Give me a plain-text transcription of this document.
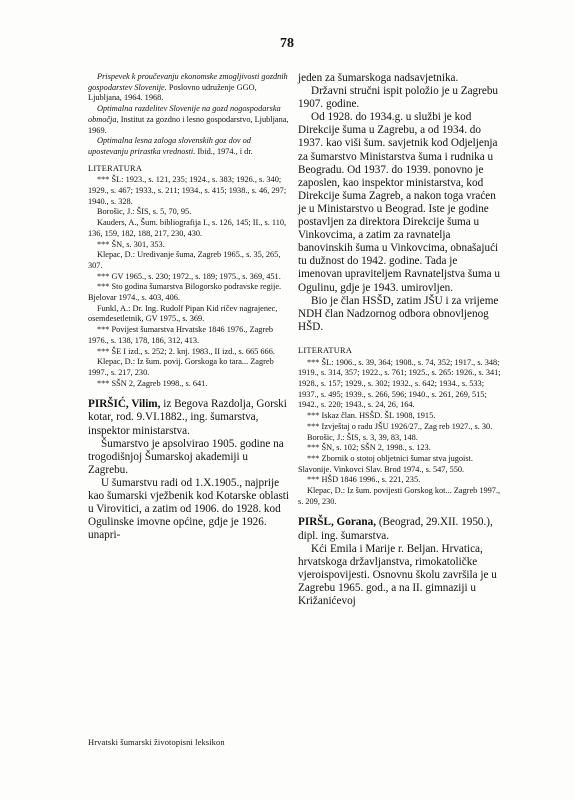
78

Prispevek k proučevanju ekonomske zmogljivosti gozdnih gospodarstev Slovenije. Poslovno udruženje GGO, Ljubljana, 1964. 1968.

Optimalna razdelitev Slovenije na gozd nogospodarska območja, Institut za gozdno i lesno gospodarstvo, Ljubljana, 1969.

Optimalna lesna zaloga slovenskih goz dov od upostevanju prirastka vrednosti. Ibid., 1974., i dr.

LITERATURA

*** ŠL: 1923., s. 121, 235; 1924., s. 383; 1926., s. 340; 1929., s. 467; 1933., s. 211; 1934., s. 415; 1938., s. 46, 297; 1940., s. 328.

Borošic, J.: ŠIS, s. 5, 70, 95.

Kauders, A., Šum. bibliografija I., s. 126, 145; II., s. 110, 136, 159, 182, 188, 217, 230, 430.

*** ŠN, s. 301, 353.

Klepac, D.: Uredivanje šuma, Zagreb 1965., s. 35, 265, 307.

*** GV 1965., s. 230; 1972., s. 189; 1975., s. 369, 451.

*** Sto godina šumarstva Bilogorsko podravske regije. Bjelovar 1974., s. 403, 406.

Funkl, A.: Dr. Ing. Rudolf Pipan Kid ričev nagrajenec, osemdesetletnik, GV 1975., s. 369.

*** Povijest šumarstva Hrvatske 1846 1976., Zagreb 1976., s. 138, 178, 186, 312, 413.

*** ŠE I izd., s. 252; 2. knj. 1983., II izd., s. 665 666.

Klepac, D.: Iz šum. povij. Gorskoga ko tara... Zagreb 1997., s. 217, 230.

*** SŠN 2, Zagreb 1998., s. 641.

PIRŠIĆ, Vilim, iz Begova Razdolja, Gorski kotar, rod. 9.VI.1882., ing. šumarstva, inspektor ministarstva.

Šumarstvo je apsolvirao 1905. godine na trogodišnjoj Šumarskoj akademiji u Zagrebu.

U šumarstvu radi od 1.X.1905., najprije kao šumarski vježbenik kod Kotarske oblasti u Virovitici, a zatim od 1906. do 1928. kod Ogulinske imovne općine, gdje je 1926. unapri-

jeden za šumarskoga nadsavjetnika.

Državni stručni ispit položio je u Zagrebu 1907. godine.

Od 1928. do 1934.g. u službi je kod Direkcije šuma u Zagrebu, a od 1934. do 1937. kao viši šum. savjetnik kod Odjeljenja za šumarstvo Ministarstva šuma i rudnika u Beogradu. Od 1937. do 1939. ponovno je zaposlen, kao inspektor ministarstva, kod Direkcije šuma Zagreb, a nakon toga vraćen je u Ministarstvo u Beograd. Iste je godine postavljen za direktora Direkcije šuma u Vinkovcima, a zatim za ravnatelja banovinskih šuma u Vinkovcima, obnašajući tu dužnost do 1942. godine. Tada je imenovan upraviteljem Ravnateljstva šuma u Ogulinu, gdje je 1943. umirovljen.

Bio je član HSŠD, zatim JŠU i za vrijeme NDH član Nadzornog odbora obnovljenog HŠD.

LITERATURA

*** ŠL: 1906., s. 39, 364; 1908., s. 74, 352; 1917., s. 348; 1919., s. 314, 357; 1922., s. 761; 1925., s. 265: 1926., s. 341; 1928., s. 157; 1929., s. 302; 1932., s. 642; 1934., s. 533; 1937., s. 495; 1939., s. 266, 596; 1940., s. 261, 269, 515; 1942., s. 220; 1943., s. 24, 26, 164.

*** Iskaz član. HSŠD. ŠL 1908, 1915.

*** Izvještaj o radu JŠU 1926/27., Zag reb 1927., s. 30.

Borošic, J.: ŠIS, s. 3, 39, 83, 148.

*** ŠN, s. 102; SŠN 2, 1998., s. 123.

*** Zbornik o stotoj obljetnici šumar stva jugoist. Slavonije. Vinkovci Slav. Brod 1974., s. 547, 550.

*** HŠD 1846 1996., s. 221, 235.

Klepac, D.: Iz šum. povijesti Gorskog kot... Zagreb 1997., s. 209, 230.

PIRŠL, Gorana, (Beograd, 29.XII. 1950.), dipl. ing. šumarstva.

Kći Emila i Marije r. Beljan. Hrvatica, hrvatskoga državljanstva, rimokatoličke vjeroispovijesti. Osnovnu školu završila je u Zagrebu 1965. god., a na II. gimnaziji u Križanićevoj

Hrvatski šumarski životopisni leksikon
